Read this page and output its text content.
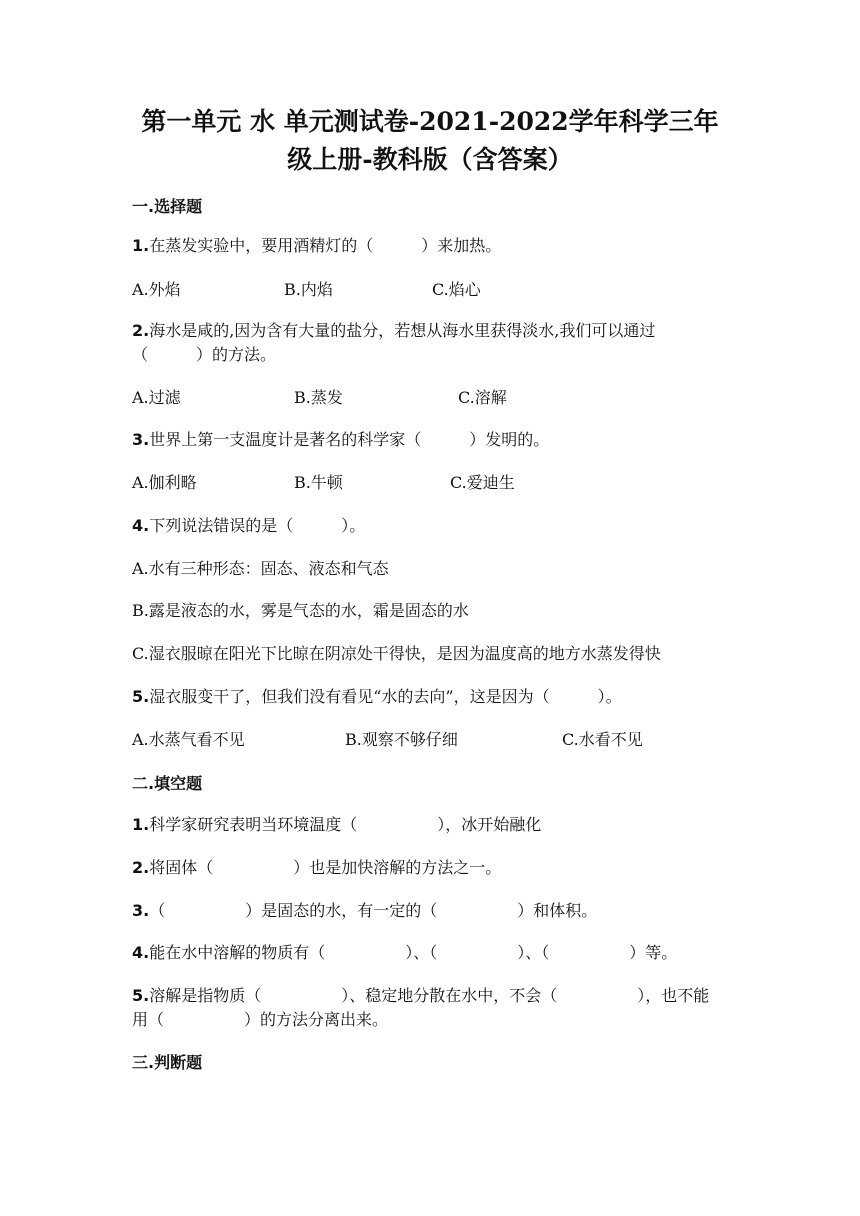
第一单元 水 单元测试卷-2021-2022学年科学三年
级上册-教科版（含答案）
一.选择题
1.在蒸发实验中，要用酒精灯的（　　　）来加热。
A.外焰	B.内焰	C.焰心
2.海水是咸的,因为含有大量的盐分，若想从海水里获得淡水,我们可以通过（　　　）的方法。
A.过滤	B.蒸发	C.溶解
3.世界上第一支温度计是著名的科学家（　　　）发明的。
A.伽利略	B.牛顿	C.爱迪生
4.下列说法错误的是（　　　）。
A.水有三种形态：固态、液态和气态
B.露是液态的水，雾是气态的水，霜是固态的水
C.湿衣服晾在阳光下比晾在阴凉处干得快，是因为温度高的地方水蒸发得快
5.湿衣服变干了，但我们没有看见“水的去向”，这是因为（　　　）。
A.水蒸气看不见	B.观察不够仔细	C.水看不见
二.填空题
1.科学家研究表明当环境温度（　　　　　），冰开始融化
2.将固体（　　　　　）也是加快溶解的方法之一。
3.（　　　　　）是固态的水，有一定的（　　　　　）和体积。
4.能在水中溶解的物质有（　　　　　）、（　　　　　）、（　　　　　）等。
5.溶解是指物质（　　　　　）、稳定地分散在水中，不会（　　　　　），也不能用（　　　　　）的方法分离出来。
三.判断题
